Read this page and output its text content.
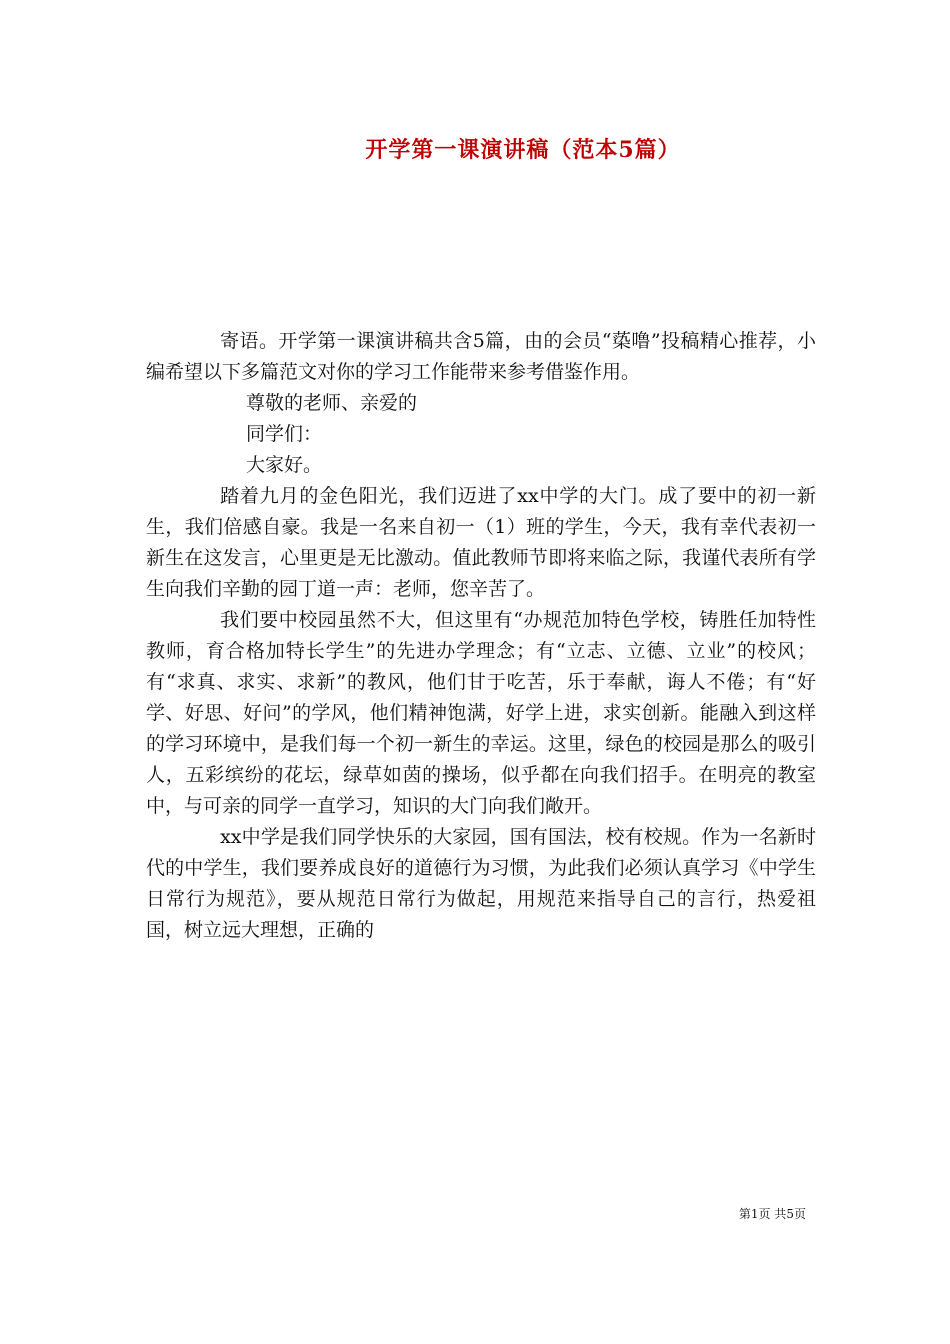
开学第一课演讲稿（范本5篇）

寄语。开学第一课演讲稿共含5篇，由的会员“蒅噜”投稿精心推荐，小编希望以下多篇范文对你的学习工作能带来参考借鉴作用。

尊敬的老师、亲爱的

同学们：

大家好。

踏着九月的金色阳光，我们迈进了xx中学的大门。成了要中的初一新生，我们倍感自豪。我是一名来自初一（1）班的学生，今天，我有幸代表初一新生在这发言，心里更是无比激动。值此教师节即将来临之际，我谨代表所有学生向我们辛勤的园丁道一声：老师，您辛苦了。

我们要中校园虽然不大，但这里有“办规范加特色学校，铸胜任加特性教师，育合格加特长学生”的先进办学理念；有“立志、立德、立业”的校风；有“求真、求实、求新”的教风，他们甘于吃苦，乐于奉献，诲人不倦；有“好学、好思、好问”的学风，他们精神饱满，好学上进，求实创新。能融入到这样的学习环境中，是我们每一个初一新生的幸运。这里，绿色的校园是那么的吸引人，五彩缤纷的花坛，绿草如茵的操场，似乎都在向我们招手。在明亮的教室中，与可亲的同学一直学习，知识的大门向我们敞开。

xx中学是我们同学快乐的大家园，国有国法，校有校规。作为一名新时代的中学生，我们要养成良好的道德行为习惯，为此我们必须认真学习《中学生日常行为规范》，要从规范日常行为做起，用规范来指导自己的言行，热爱祖国，树立远大理想，正确的

第1页 共5页
